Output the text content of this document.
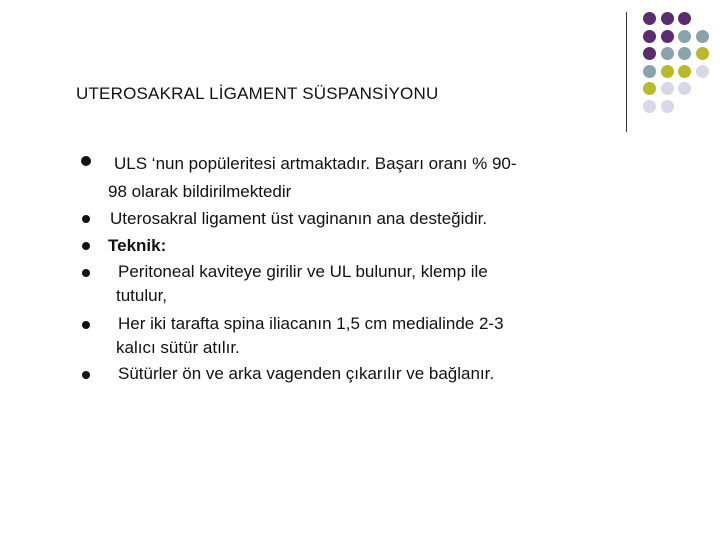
UTEROSAKRAL LİGAMENT SÜSPANSİYONU
ULS ‘nun popüleritesi artmaktadır. Başarı oranı % 90-
98 olarak bildirilmektedir
Uterosakral ligament üst vaginanın ana desteğidir.
Teknik:
Peritoneal kaviteye girilir ve UL bulunur, klemp ile
tutulur,
Her iki tarafta spina iliacanın 1,5 cm medialinde 2-3
kalıcı sütür atılır.
Sütürler ön ve arka vagenden çıkarılır ve bağlanır.
